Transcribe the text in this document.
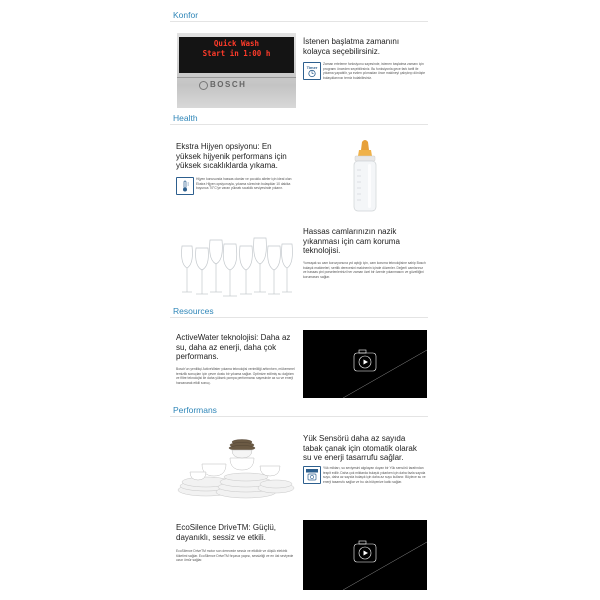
Konfor
Quick Wash
Start in 1:00 h
BOSCH
İstenen başlatma zamanını kolayca seçebilirsiniz.
Timer
Zaman erteleme fonksiyonu sayesinde, istenen başlatma zamanı için programı önceden seçebilirsiniz. Bu fonksiyonla gece fark tarifi ile yıkama yapabilir, ya evden çıkmadan önce makineyi çalıştırıp dönüşte bulaşıklarınızı temiz bulabilirsiniz.
Health
Ekstra Hijyen opsiyonu: En yüksek hijyenik performans için yüksek sıcaklıklarda yıkama.
Hijyen konusunda hassas olanlar ve çocuklu aileler için ideal olan Ekstra Hijyen opsiyonuyla, yıkama sürecinin bulaşıklar 10 dakika boyunca 70°C'ye varan yüksek sıcaklık seviyesinde yıkanır.
Hassas camlarınızın nazik yıkanması için cam koruma teknolojisi.
Yumuşak su cam korozyonuna yol açtığı için, cam koruma teknolojisine sahip Bosch bulaşık makineleri, sertlik derecesini makinenin içinde düzenler. Değerli camlarınız ve hassas çini porselenlerinizi her zaman özel bir özenle yıkanmasını ve güzelliğini korumasını sağlar.
Resources
ActiveWater teknolojisi: Daha az su, daha az enerji, daha çok performans.
Bosch'un yenilikçi ActiveWater yıkama teknolojisi verimliliği arttırırken, mükemmel temizlik sonuçları için çevre dostu bir yıkama sağlar. Optimize edilmiş su dağıtımı ve filtre teknolojisi ile daha yüksek pompa performansı sayesinde az su ve enerji harcanarak etkili sonuç.
Performans
Yük Sensörü daha az sayıda tabak çanak için otomatik olarak su ve enerji tasarrufu sağlar.
Yük miktarı, su seviyesini algılayan duyan bir Yük sensörü tarafından tespit edilir. Daha çok miktarda bulaşık yıkarken için daha fazla sayıda suyu, daha az sayıda bulaşık için daha az suyu kullanır. Böylece su ve enerji tasarrufu sağlar ve bu da bütçenize katkı sağlar.
EcoSilence DriveTM: Güçlü, dayanıklı, sessiz ve etkili.
EcoSilence DriveTM motor son derecede sessiz ve etkilidir ve düşük elektrik tüketimi sağlar. EcoSilence DriveTM fırçasız yapısı, sessizliği ve en üst seviyede uzun ömür sağlar.
